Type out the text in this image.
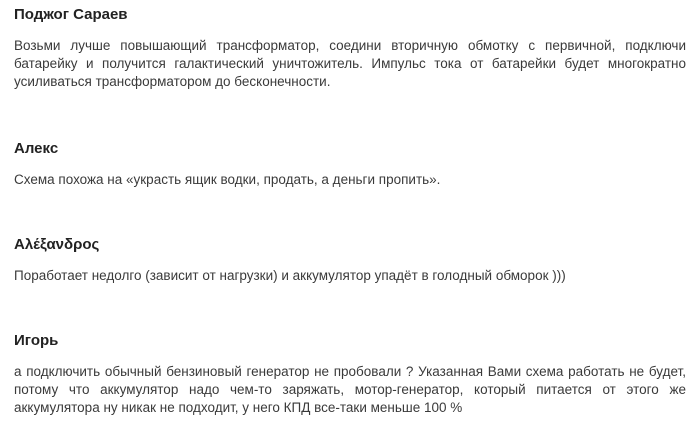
Поджог Сараев

Возьми лучше повышающий трансформатор, соедини вторичную обмотку с первичной, подключи батарейку и получится галактический уничтожитель. Импульс тока от батарейки будет многократно усиливаться трансформатором до бесконечности.

Алекс

Схема похожа на «украсть ящик водки, продать, а деньги пропить».

Αλέξανδρος

Поработает недолго (зависит от нагрузки) и аккумулятор упадёт в голодный обморок )))

Игорь

а подключить обычный бензиновый генератор не пробовали ? Указанная Вами схема работать не будет, потому что аккумулятор надо чем-то заряжать, мотор-генератор, который питается от этого же аккумулятора ну никак не подходит, у него КПД все-таки меньше 100 %
